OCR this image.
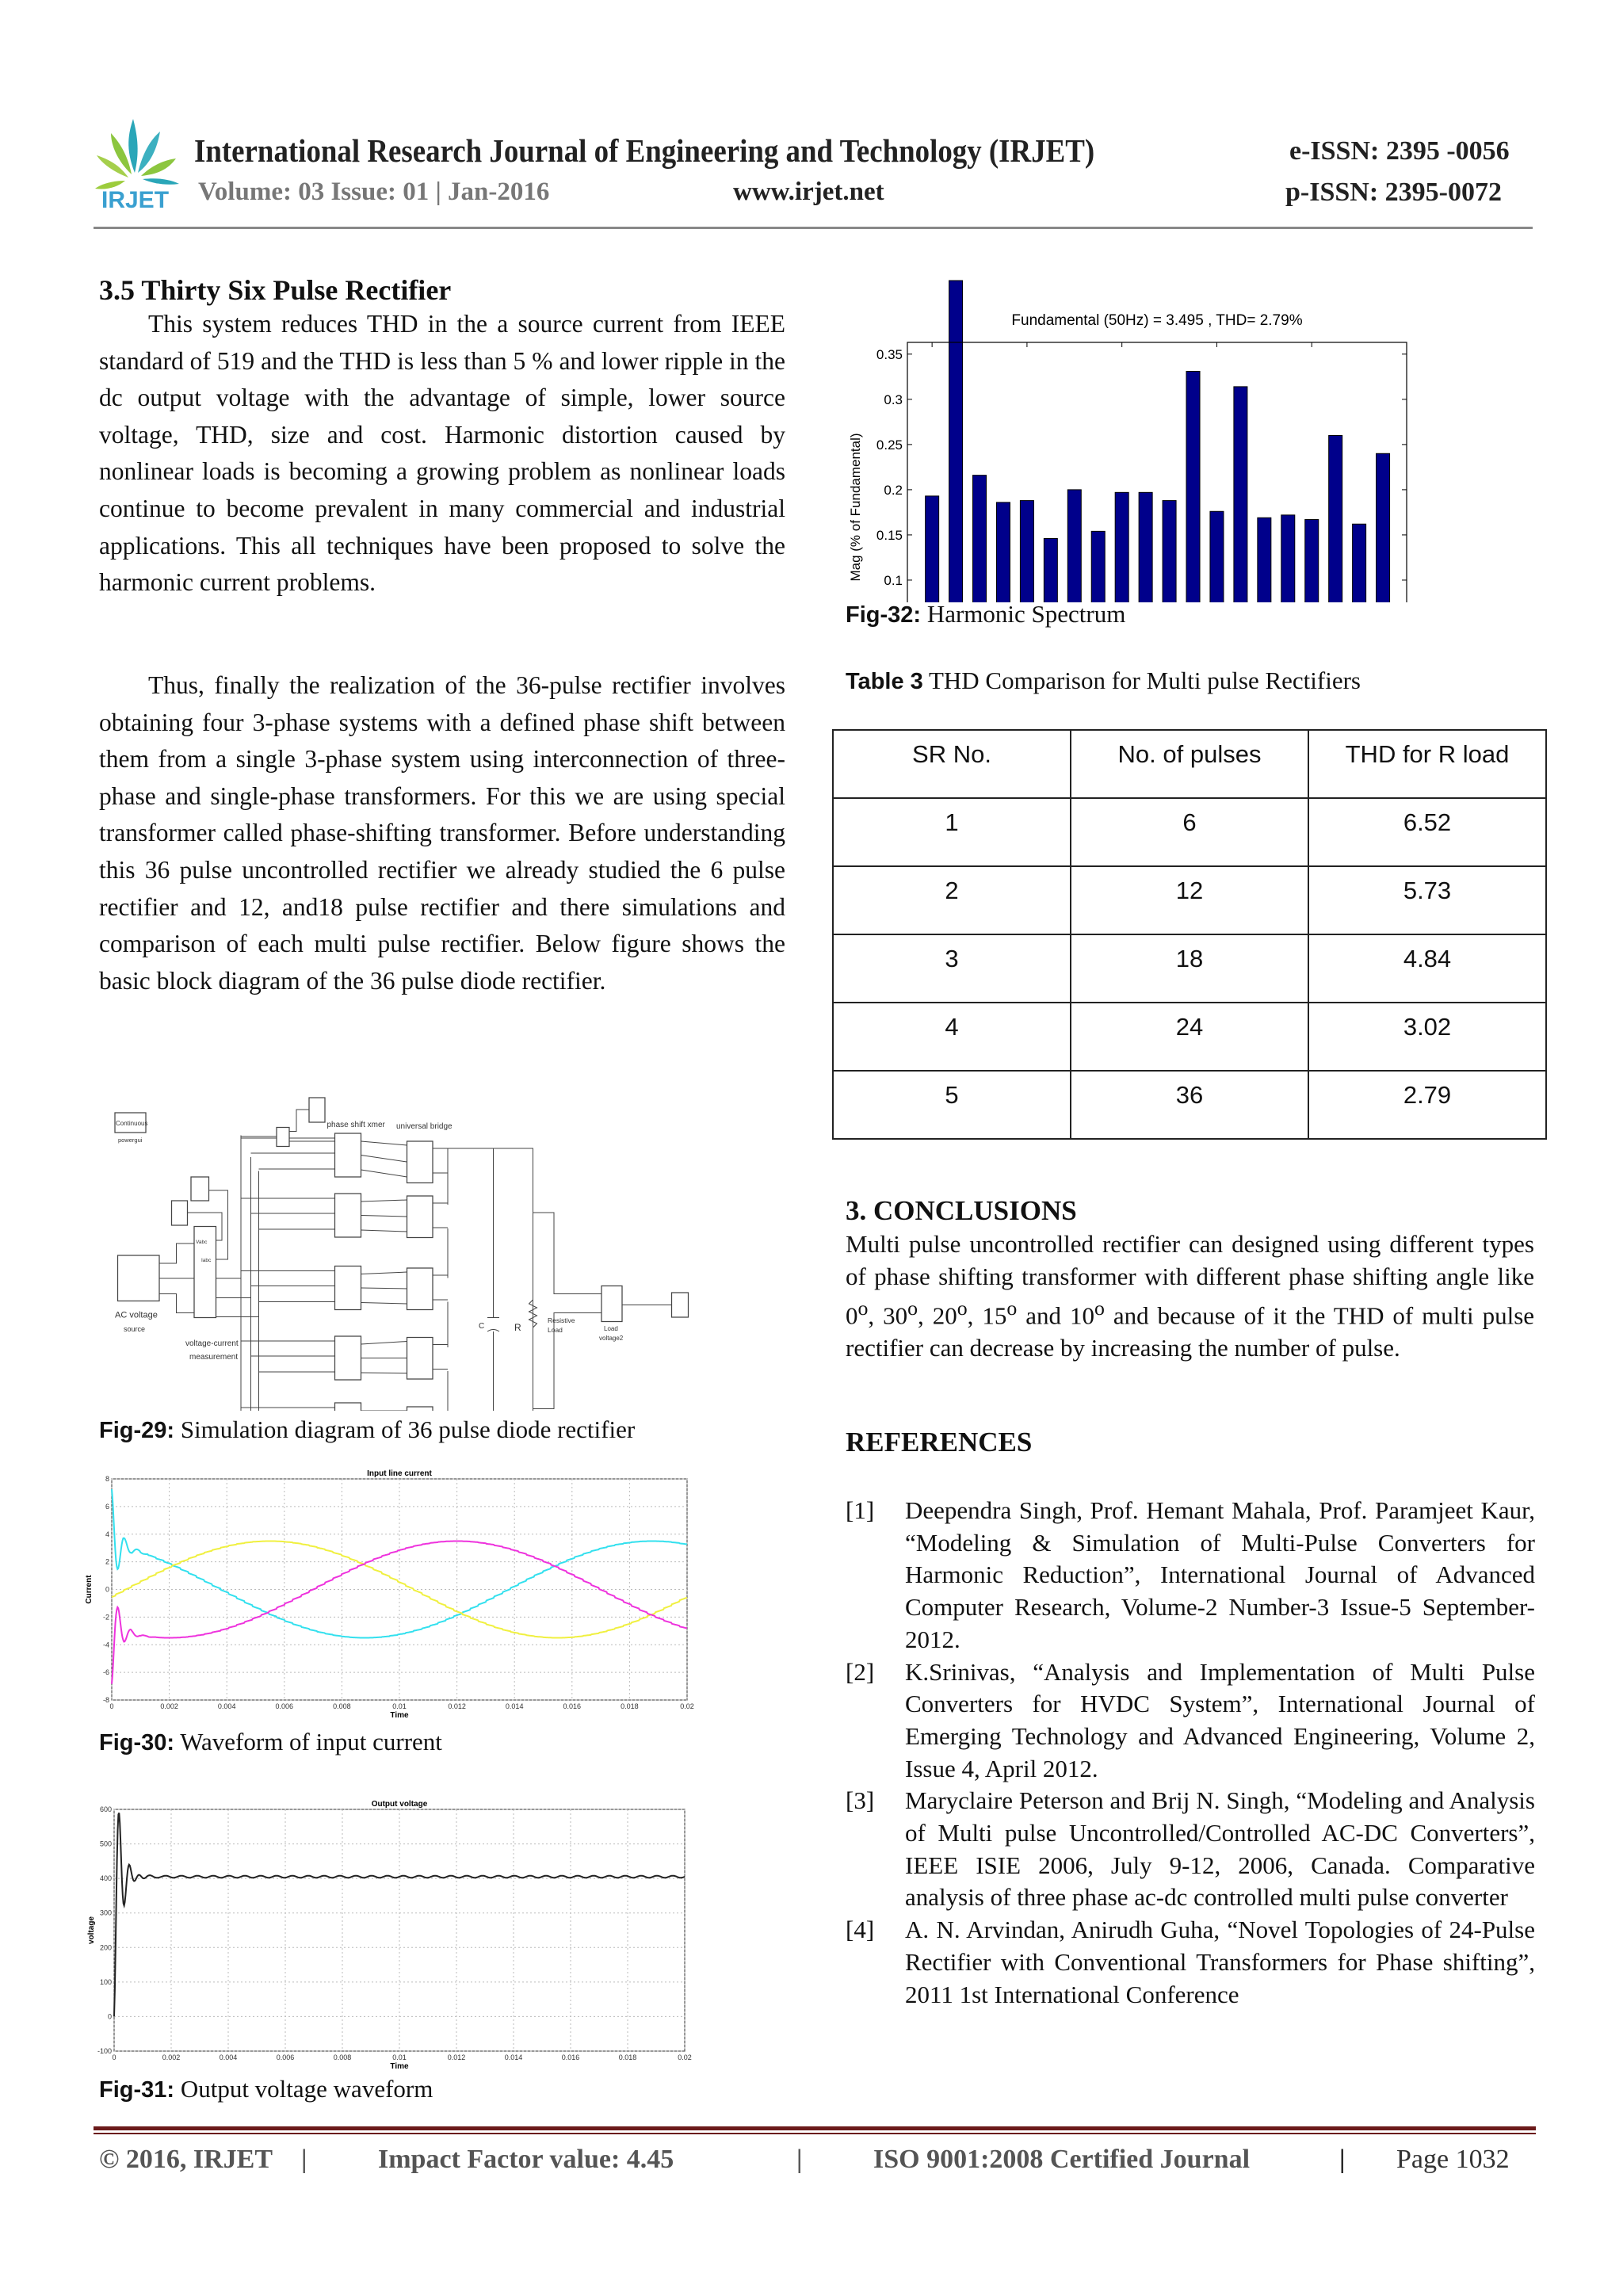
IRJET
International Research Journal of Engineering and Technology (IRJET)
Volume: 03 Issue: 01 | Jan-2016	www.irjet.net
e-ISSN: 2395 -0056
p-ISSN: 2395-0072
3.5 Thirty Six Pulse Rectifier
This system reduces THD in the a source current from IEEE standard of 519 and the THD is less than 5 % and lower ripple in the dc output voltage with the advantage of simple, lower source voltage, THD, size and cost. Harmonic distortion caused by nonlinear loads is becoming a growing problem as nonlinear loads continue to become prevalent in many commercial and industrial applications. This all techniques have been proposed to solve the harmonic current problems.
Thus, finally the realization of the 36-pulse rectifier involves obtaining four 3-phase systems with a defined phase shift between them from a single 3-phase system using interconnection of three-phase and single-phase transformers. For this we are using special transformer called phase-shifting transformer. Before understanding this 36 pulse uncontrolled rectifier we already studied the 6 pulse rectifier and 12, and18 pulse rectifier and there simulations and comparison of each multi pulse rectifier. Below figure shows the basic block diagram of the 36 pulse diode rectifier.
Continuous
powergui
phase shift xmer universal bridge
AC voltage
source
voltage-current
measurement
Vabc
Iabc
C R
Resistive
Load	Load
voltage2
Fig-29: Simulation diagram of 36 pulse diode rectifier
0	0.002	0.004	0.006	0.008	0.01	0.012	0.014	0.016	0.018	0.02
-8
-6
-4
-2
0
2
4
6
8
Input line current
Time
Current
Fig-30: Waveform of input current
0	0.002	0.004	0.006	0.008	0.01	0.012	0.014	0.016	0.018	0.02
-100
0
100
200
300
400
500
600
Output voltage
Time
voltage
Fig-31: Output voltage waveform
Fundamental (50Hz) = 3.495 , THD= 2.79%
0.1
0.15
0.2
0.25
0.3
0.35
Mag (% of Fundamental)
Fig-32: Harmonic Spectrum
Table 3 THD Comparison for Multi pulse Rectifiers
SR No.	No. of pulses	THD for R load
1	6	6.52
2	12	5.73
3	18	4.84
4	24	3.02
5	36	2.79
3. CONCLUSIONS
Multi pulse uncontrolled rectifier can designed using different types of phase shifting transformer with different phase shifting angle like 0$^o$, 30$^o$, 20$^o$, 15$^o$ and 10$^o$ and because of it the THD of multi pulse rectifier can decrease by increasing the number of pulse.
REFERENCES
[1]	Deependra Singh, Prof. Hemant Mahala, Prof. Paramjeet Kaur, “Modeling & Simulation of Multi-Pulse Converters for Harmonic Reduction”, International Journal of Advanced Computer Research, Volume-2 Number-3 Issue-5 September-2012.
[2]	K.Srinivas, “Analysis and Implementation of Multi Pulse Converters for HVDC System”, International Journal of Emerging Technology and Advanced Engineering, Volume 2, Issue 4, April 2012.
[3]	Maryclaire Peterson and Brij N. Singh, “Modeling and Analysis of Multi pulse Uncontrolled/Controlled AC-DC Converters”, IEEE ISIE 2006, July 9-12, 2006, Canada. Comparative analysis of three phase ac-dc controlled multi pulse converter
[4]	A. N. Arvindan, Anirudh Guha, “Novel Topologies of 24-Pulse Rectifier with Conventional Transformers for Phase shifting”, 2011 1st International Conference
© 2016, IRJET |	Impact Factor value: 4.45	|	ISO 9001:2008 Certified Journal	| Page 1032
